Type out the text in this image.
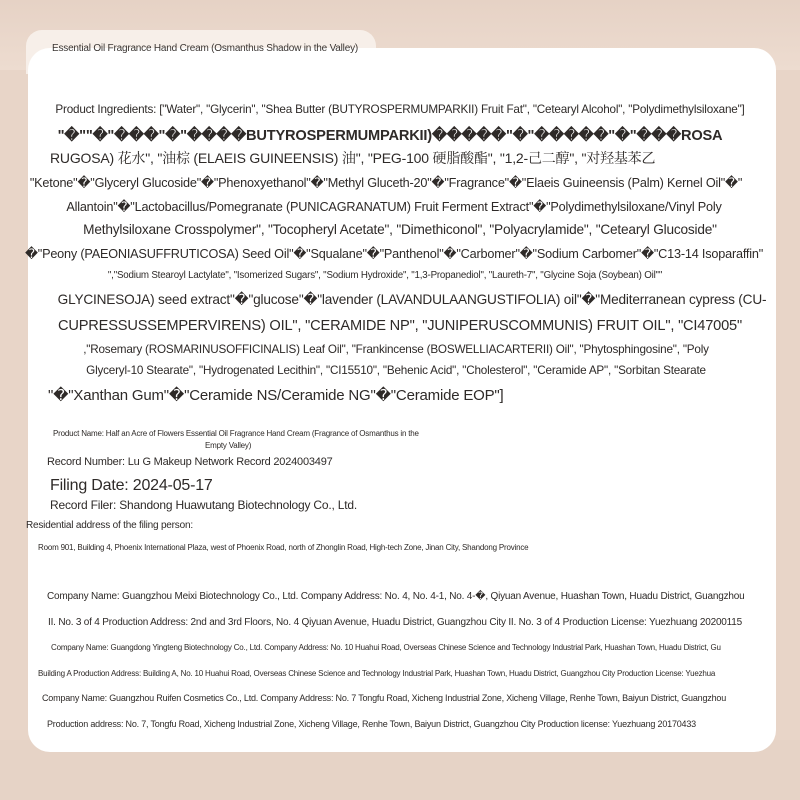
Essential Oil Fragrance Hand Cream (Osmanthus Shadow in the Valley)
Product Ingredients: ["Water", "Glycerin", "Shea Butter (BUTYROSPERMUMPARKII) Fruit Fat", "Cetearyl Alcohol", "Polydimethylsiloxane"]
"�""�"���"�"����BUTYROSPERMUMPARKII)�����"�"�����"�"���ROSA
RUGOSA) 花水", "油棕 (ELAEIS GUINEENSIS) 油", "PEG-100 硬脂酸酯", "1,2-己二醇", "对羟基苯乙
"Ketone"�"Glyceryl Glucoside"�"Phenoxyethanol"�"Methyl Gluceth-20"�"Fragrance"�"Elaeis Guineensis (Palm) Kernel Oil"�"
Allantoin"�"Lactobacillus/Pomegranate (PUNICAGRANATUM) Fruit Ferment Extract"�"Polydimethylsiloxane/Vinyl Poly
Methylsiloxane Crosspolymer", "Tocopheryl Acetate", "Dimethiconol", "Polyacrylamide", "Cetearyl Glucoside"
�"Peony (PAEONIASUFFRUTICOSA) Seed Oil"�"Squalane"�"Panthenol"�"Carbomer"�"Sodium Carbomer"�"C13-14 Isoparaffin"
","Sodium Stearoyl Lactylate", "Isomerized Sugars", "Sodium Hydroxide", "1,3-Propanediol", "Laureth-7", "Glycine Soja (Soybean) Oil""
GLYCINESOJA) seed extract"�"glucose"�"lavender (LAVANDULAANGUSTIFOLIA) oil"�"Mediterranean cypress (CU-
CUPRESSUSSEMPERVIRENS) OIL", "CERAMIDE NP", "JUNIPERUSCOMMUNIS) FRUIT OIL", "CI47005"
,"Rosemary (ROSMARINUSOFFICINALIS) Leaf Oil", "Frankincense (BOSWELLIACARTERII) Oil", "Phytosphingosine", "Poly
Glyceryl-10 Stearate", "Hydrogenated Lecithin", "CI15510", "Behenic Acid", "Cholesterol", "Ceramide AP", "Sorbitan Stearate
"�"Xanthan Gum"�"Ceramide NS/Ceramide NG"�"Ceramide EOP"]
Product Name: Half an Acre of Flowers Essential Oil Fragrance Hand Cream (Fragrance of Osmanthus in the
Empty Valley)
Record Number: Lu G Makeup Network Record 2024003497
Filing Date: 2024-05-17
Record Filer: Shandong Huawutang Biotechnology Co., Ltd.
Residential address of the filing person:
Room 901, Building 4, Phoenix International Plaza, west of Phoenix Road, north of Zhonglin Road, High-tech Zone, Jinan City, Shandong Province
Company Name: Guangzhou Meixi Biotechnology Co., Ltd. Company Address: No. 4, No. 4-1, No. 4-�, Qiyuan Avenue, Huashan Town, Huadu District, Guangzhou
II. No. 3 of 4 Production Address: 2nd and 3rd Floors, No. 4 Qiyuan Avenue, Huadu District, Guangzhou City II. No. 3 of 4 Production License: Yuezhuang 20200115
Company Name: Guangdong Yingteng Biotechnology Co., Ltd. Company Address: No. 10 Huahui Road, Overseas Chinese Science and Technology Industrial Park, Huashan Town, Huadu District, Gu
Building A Production Address: Building A, No. 10 Huahui Road, Overseas Chinese Science and Technology Industrial Park, Huashan Town, Huadu District, Guangzhou City Production License: Yuezhua
Company Name: Guangzhou Ruifen Cosmetics Co., Ltd. Company Address: No. 7 Tongfu Road, Xicheng Industrial Zone, Xicheng Village, Renhe Town, Baiyun District, Guangzhou
Production address: No. 7, Tongfu Road, Xicheng Industrial Zone, Xicheng Village, Renhe Town, Baiyun District, Guangzhou City Production license: Yuezhuang 20170433
